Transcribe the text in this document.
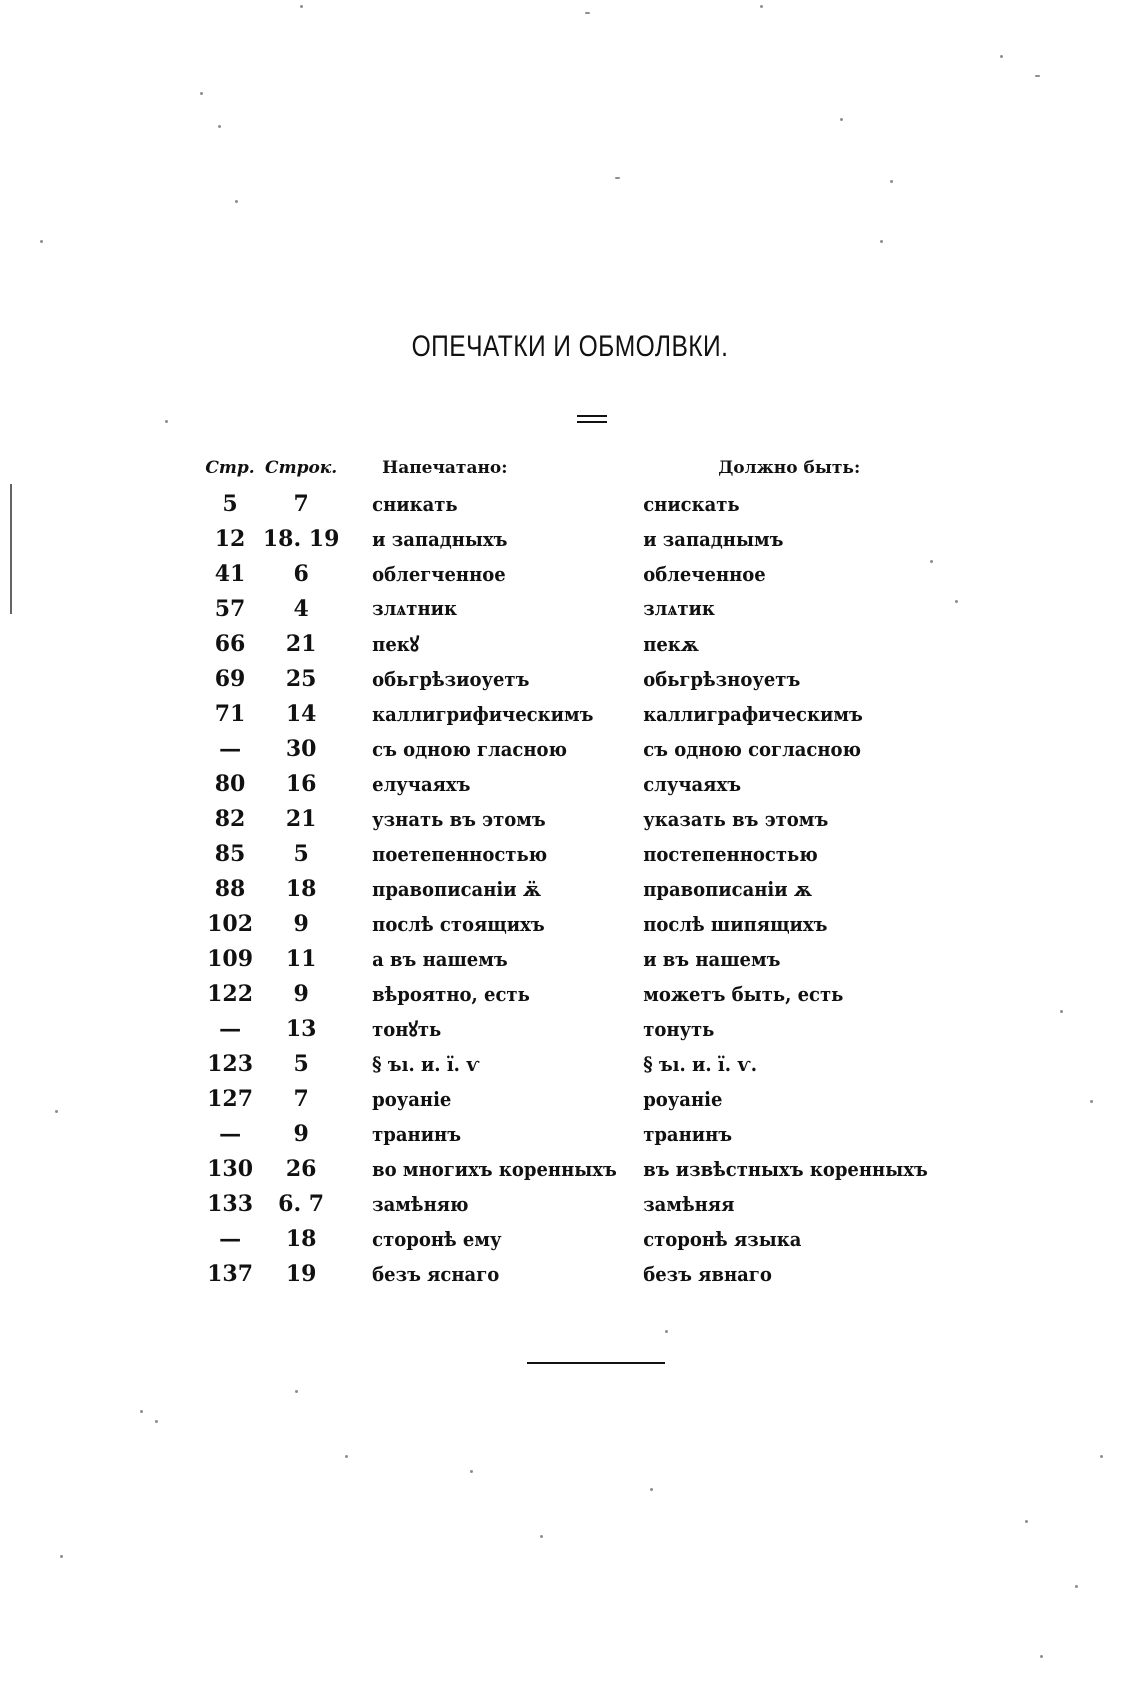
ОПЕЧАТКИ И ОБМОЛВКИ.
Стр.	Строк.	Напечатано:	Должно быть:
5	7	сникать	снискать
12	18. 19	и западныхъ	и западнымъ
41	6	облегченное	облеченное
57	4	злѧтник	злѧтик
66	21	пекꙋ	пекѫ
69	25	обьгрѣзиоуетъ	обьгрѣзноуетъ
71	14	каллигрифическимъ	каллиграфическимъ
—	30	съ одною гласною	съ одною согласною
80	16	елучаяхъ	случаяхъ
82	21	узнать въ этомъ	указать въ этомъ
85	5	поетепенностью	постепенностью
88	18	правописанiи ѫ̈	правописанiи ѫ
102	9	послѣ стоящихъ	послѣ шипящихъ
109	11	а въ нашемъ	и въ нашемъ
122	9	вѣроятно, есть	можетъ быть, есть
—	13	тонꙋть	тонуть
123	5	§ ъı. и. ї. ѵ	§ ъı. и. ї. ѵ.
127	7	роуанiе	роуанiе
—	9	транинъ	транинъ
130	26	во многихъ коренныхъ	въ извѣстныхъ коренныхъ
133	6. 7	замѣняю	замѣняя
—	18	сторонѣ ему	сторонѣ языка
137	19	безъ яснаго	безъ явнаго
